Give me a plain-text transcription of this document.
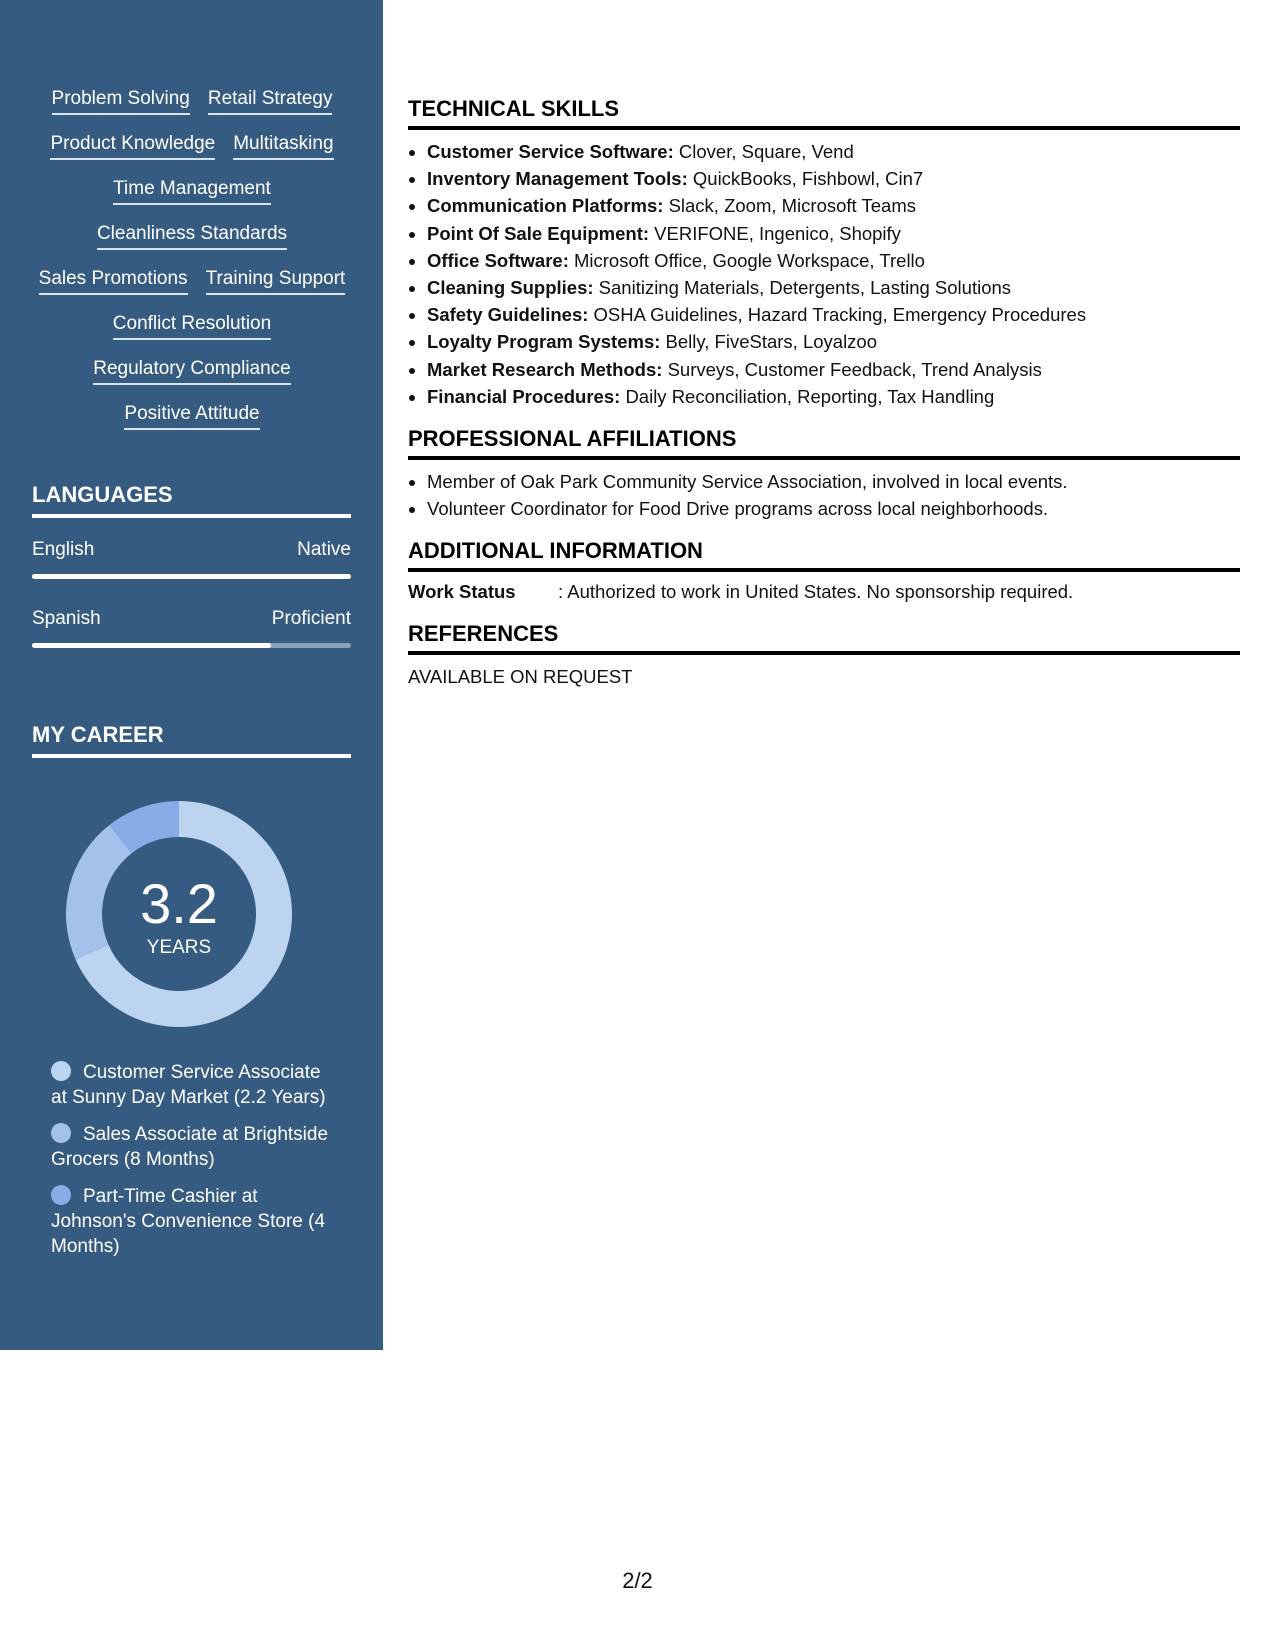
Problem Solving Retail Strategy
Product Knowledge Multitasking
Time Management
Cleanliness Standards
Sales Promotions Training Support
Conflict Resolution
Regulatory Compliance
Positive Attitude
LANGUAGES
English	Native
Spanish	Proficient
MY CAREER
3.2
YEARS
Customer Service Associate at Sunny Day Market (2.2 Years)
Sales Associate at Brightside Grocers (8 Months)
Part-Time Cashier at Johnson's Convenience Store (4 Months)
TECHNICAL SKILLS
• Customer Service Software: Clover, Square, Vend
• Inventory Management Tools: QuickBooks, Fishbowl, Cin7
• Communication Platforms: Slack, Zoom, Microsoft Teams
• Point Of Sale Equipment: VERIFONE, Ingenico, Shopify
• Office Software: Microsoft Office, Google Workspace, Trello
• Cleaning Supplies: Sanitizing Materials, Detergents, Lasting Solutions
• Safety Guidelines: OSHA Guidelines, Hazard Tracking, Emergency Procedures
• Loyalty Program Systems: Belly, FiveStars, Loyalzoo
• Market Research Methods: Surveys, Customer Feedback, Trend Analysis
• Financial Procedures: Daily Reconciliation, Reporting, Tax Handling
PROFESSIONAL AFFILIATIONS
• Member of Oak Park Community Service Association, involved in local events.
• Volunteer Coordinator for Food Drive programs across local neighborhoods.
ADDITIONAL INFORMATION
Work Status	: Authorized to work in United States. No sponsorship required.
REFERENCES
AVAILABLE ON REQUEST
2/2
